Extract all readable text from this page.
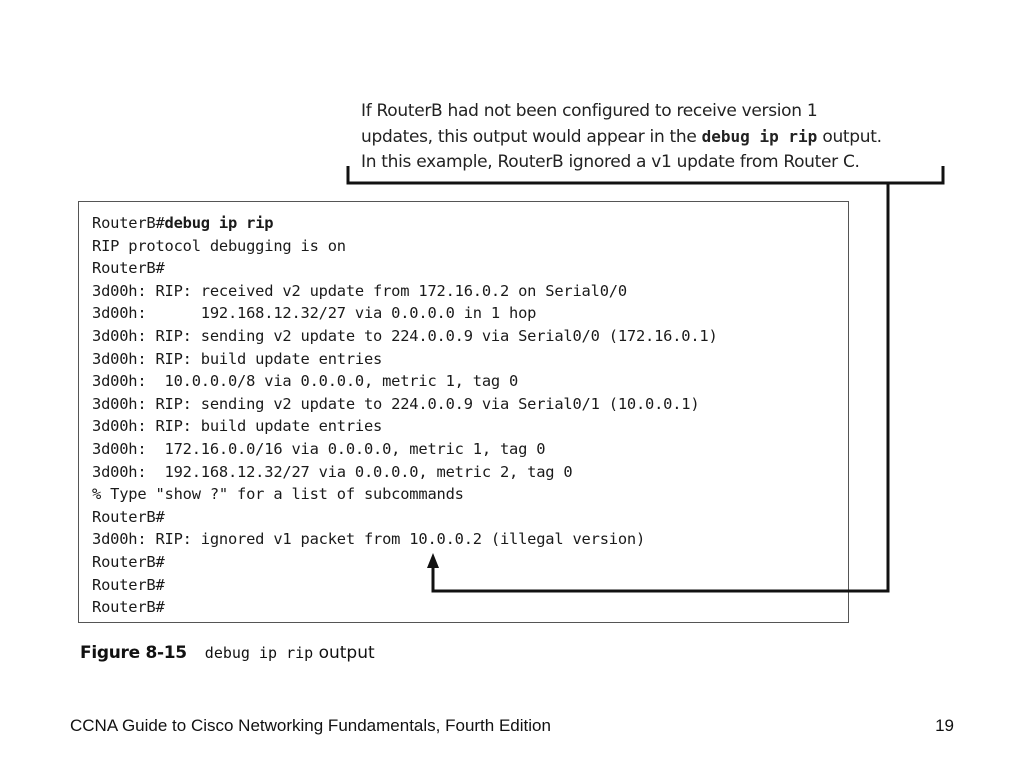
If RouterB had not been configured to receive version 1
updates, this output would appear in the debug ip rip output.
In this example, RouterB ignored a v1 update from Router C.
RouterB#debug ip rip
RIP protocol debugging is on
RouterB#
3d00h: RIP: received v2 update from 172.16.0.2 on Serial0/0
3d00h:      192.168.12.32/27 via 0.0.0.0 in 1 hop
3d00h: RIP: sending v2 update to 224.0.0.9 via Serial0/0 (172.16.0.1)
3d00h: RIP: build update entries
3d00h:  10.0.0.0/8 via 0.0.0.0, metric 1, tag 0
3d00h: RIP: sending v2 update to 224.0.0.9 via Serial0/1 (10.0.0.1)
3d00h: RIP: build update entries
3d00h:  172.16.0.0/16 via 0.0.0.0, metric 1, tag 0
3d00h:  192.168.12.32/27 via 0.0.0.0, metric 2, tag 0
% Type "show ?" for a list of subcommands
RouterB#
3d00h: RIP: ignored v1 packet from 10.0.0.2 (illegal version)
RouterB#
RouterB#
RouterB#
Figure 8-15 debug ip rip output
CCNA Guide to Cisco Networking Fundamentals, Fourth Edition	19
